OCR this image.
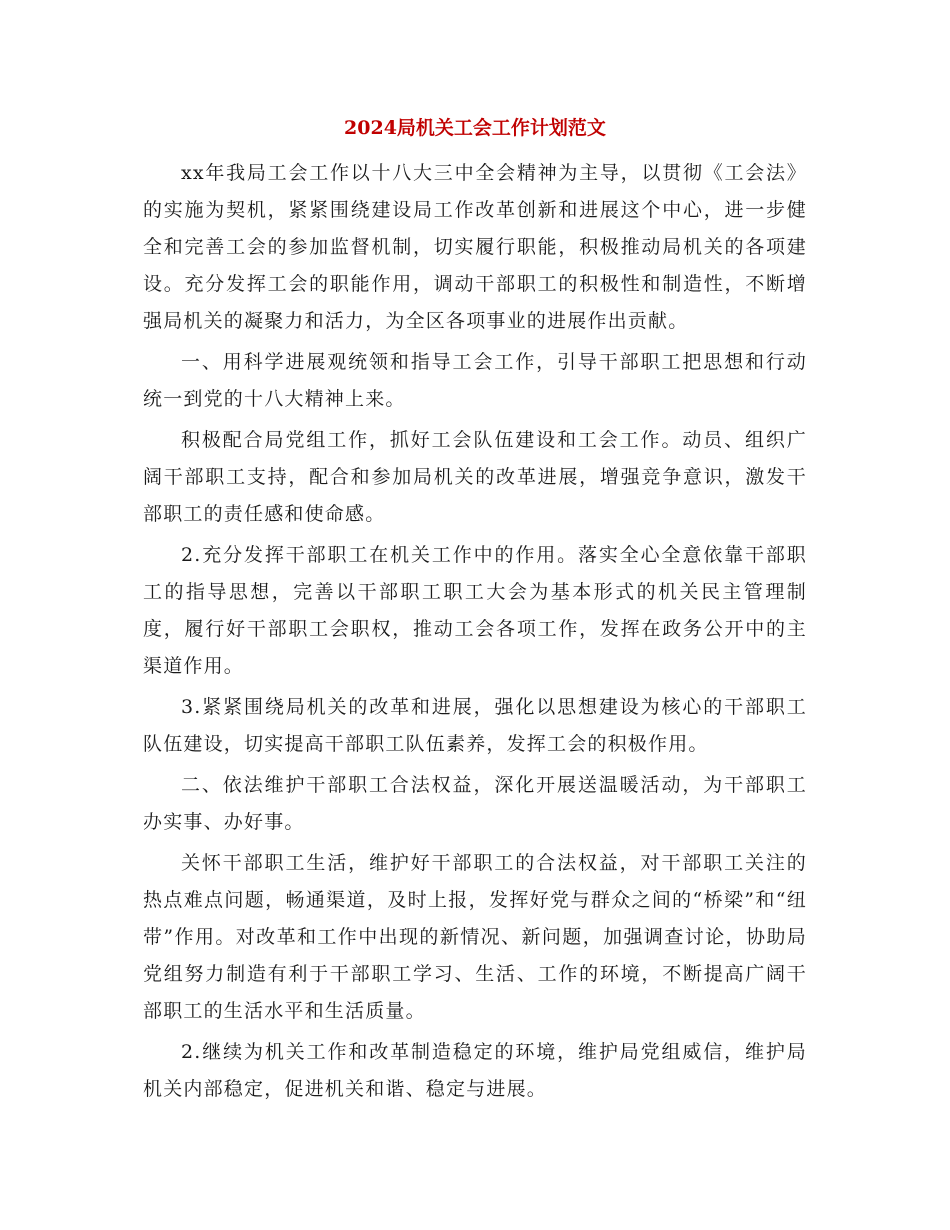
2024局机关工会工作计划范文

xx年我局工会工作以十八大三中全会精神为主导，以贯彻《工会法》的实施为契机，紧紧围绕建设局工作改革创新和进展这个中心，进一步健全和完善工会的参加监督机制，切实履行职能，积极推动局机关的各项建设。充分发挥工会的职能作用，调动干部职工的积极性和制造性，不断增强局机关的凝聚力和活力，为全区各项事业的进展作出贡献。

一、用科学进展观统领和指导工会工作，引导干部职工把思想和行动统一到党的十八大精神上来。

积极配合局党组工作，抓好工会队伍建设和工会工作。动员、组织广阔干部职工支持，配合和参加局机关的改革进展，增强竞争意识，激发干部职工的责任感和使命感。

2.充分发挥干部职工在机关工作中的作用。落实全心全意依靠干部职工的指导思想，完善以干部职工职工大会为基本形式的机关民主管理制度，履行好干部职工会职权，推动工会各项工作，发挥在政务公开中的主渠道作用。

3.紧紧围绕局机关的改革和进展，强化以思想建设为核心的干部职工队伍建设，切实提高干部职工队伍素养，发挥工会的积极作用。

二、依法维护干部职工合法权益，深化开展送温暖活动，为干部职工办实事、办好事。

关怀干部职工生活，维护好干部职工的合法权益，对干部职工关注的热点难点问题，畅通渠道，及时上报，发挥好党与群众之间的“桥梁”和“纽带”作用。对改革和工作中出现的新情况、新问题，加强调查讨论，协助局党组努力制造有利于干部职工学习、生活、工作的环境，不断提高广阔干部职工的生活水平和生活质量。

2.继续为机关工作和改革制造稳定的环境，维护局党组威信，维护局机关内部稳定，促进机关和谐、稳定与进展。
